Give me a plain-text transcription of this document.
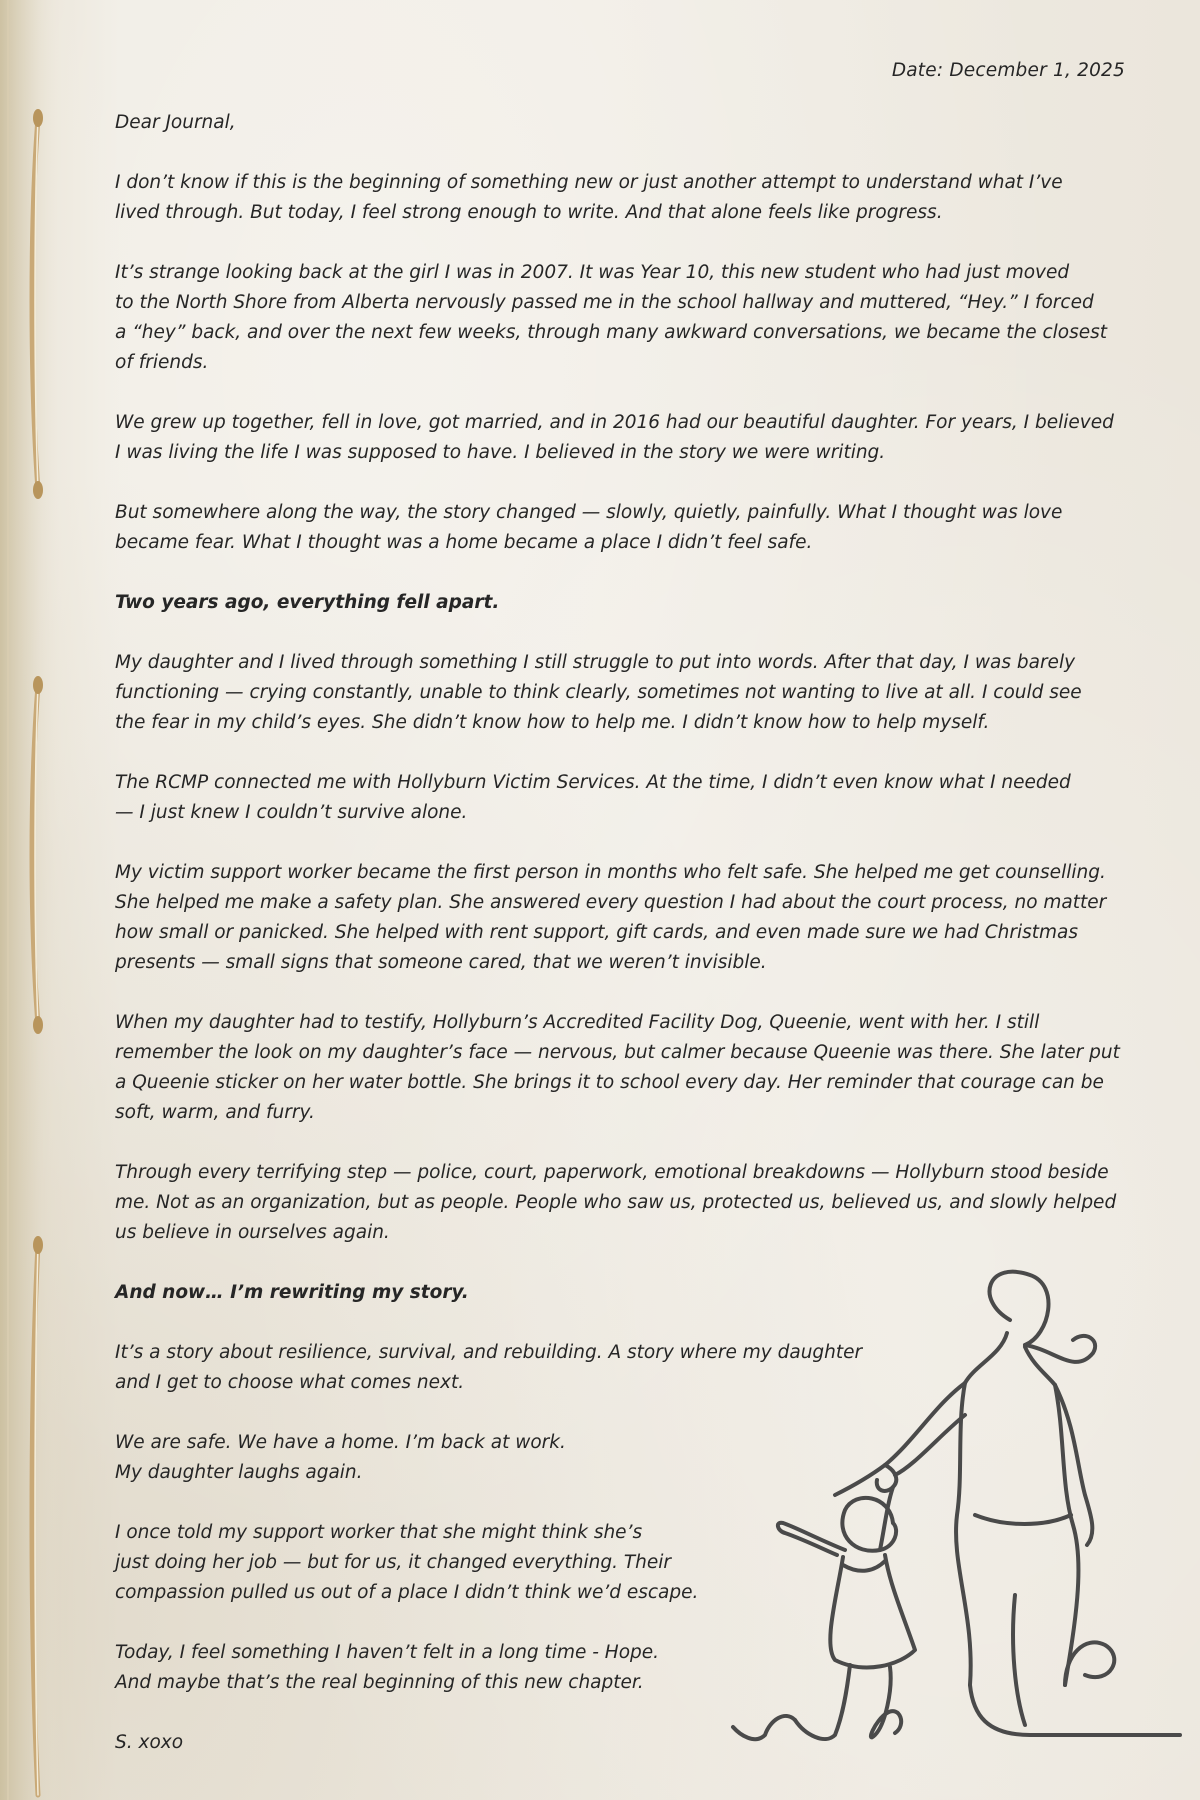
Date: December 1, 2025

Dear Journal,

I don’t know if this is the beginning of something new or just another attempt to understand what I’ve
lived through. But today, I feel strong enough to write. And that alone feels like progress.

It’s strange looking back at the girl I was in 2007. It was Year 10, this new student who had just moved
to the North Shore from Alberta nervously passed me in the school hallway and muttered, “Hey.” I forced
a “hey” back, and over the next few weeks, through many awkward conversations, we became the closest
of friends.

We grew up together, fell in love, got married, and in 2016 had our beautiful daughter. For years, I believed
I was living the life I was supposed to have. I believed in the story we were writing.

But somewhere along the way, the story changed — slowly, quietly, painfully. What I thought was love
became fear. What I thought was a home became a place I didn’t feel safe.

Two years ago, everything fell apart.

My daughter and I lived through something I still struggle to put into words. After that day, I was barely
functioning — crying constantly, unable to think clearly, sometimes not wanting to live at all. I could see
the fear in my child’s eyes. She didn’t know how to help me. I didn’t know how to help myself.

The RCMP connected me with Hollyburn Victim Services. At the time, I didn’t even know what I needed
— I just knew I couldn’t survive alone.

My victim support worker became the first person in months who felt safe. She helped me get counselling.
She helped me make a safety plan. She answered every question I had about the court process, no matter
how small or panicked. She helped with rent support, gift cards, and even made sure we had Christmas
presents — small signs that someone cared, that we weren’t invisible.

When my daughter had to testify, Hollyburn’s Accredited Facility Dog, Queenie, went with her. I still
remember the look on my daughter’s face — nervous, but calmer because Queenie was there. She later put
a Queenie sticker on her water bottle. She brings it to school every day. Her reminder that courage can be
soft, warm, and furry.

Through every terrifying step — police, court, paperwork, emotional breakdowns — Hollyburn stood beside
me. Not as an organization, but as people. People who saw us, protected us, believed us, and slowly helped
us believe in ourselves again.

And now… I’m rewriting my story.

It’s a story about resilience, survival, and rebuilding. A story where my daughter
and I get to choose what comes next.

We are safe. We have a home. I’m back at work.
My daughter laughs again.

I once told my support worker that she might think she’s
just doing her job — but for us, it changed everything. Their
compassion pulled us out of a place I didn’t think we’d escape.

Today, I feel something I haven’t felt in a long time - Hope.
And maybe that’s the real beginning of this new chapter.

S. xoxo
